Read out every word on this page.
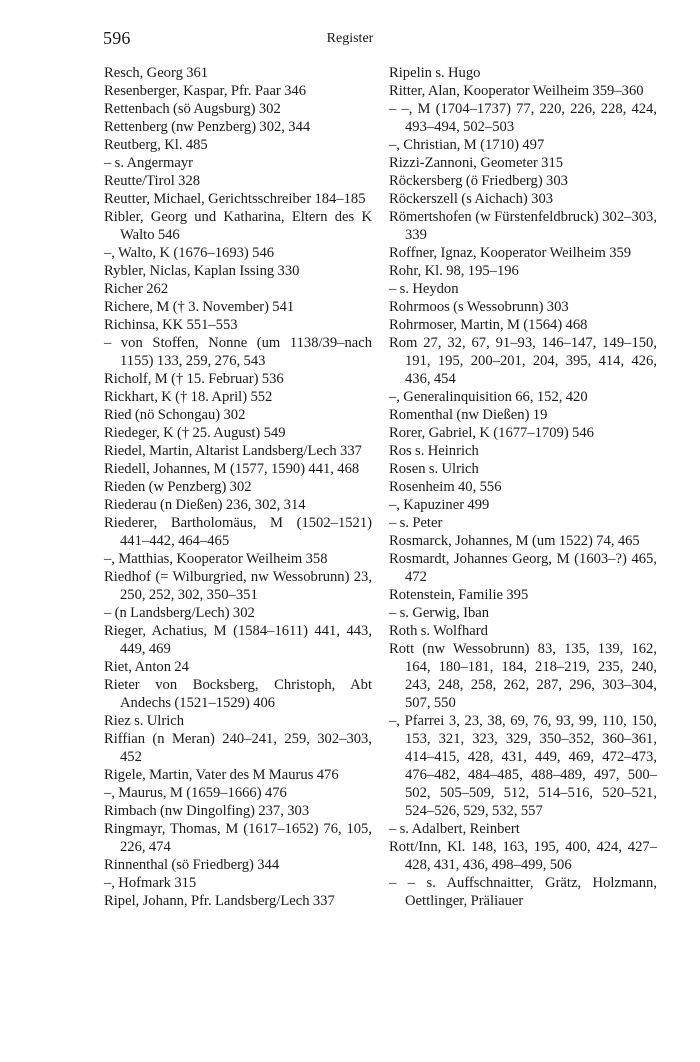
596	Register
Resch, Georg 361
Resenberger, Kaspar, Pfr. Paar 346
Rettenbach (sö Augsburg) 302
Rettenberg (nw Penzberg) 302, 344
Reutberg, Kl. 485
– s. Angermayr
Reutte/Tirol 328
Reutter, Michael, Gerichtsschreiber 184–185
Ribler, Georg und Katharina, Eltern des K Walto 546
–, Walto, K (1676–1693) 546
Rybler, Niclas, Kaplan Issing 330
Richer 262
Richere, M († 3. November) 541
Richinsa, KK 551–553
– von Stoffen, Nonne (um 1138/39–nach 1155) 133, 259, 276, 543
Richolf, M († 15. Februar) 536
Rickhart, K († 18. April) 552
Ried (nö Schongau) 302
Riedeger, K († 25. August) 549
Riedel, Martin, Altarist Landsberg/Lech 337
Riedell, Johannes, M (1577, 1590) 441, 468
Rieden (w Penzberg) 302
Riederau (n Dießen) 236, 302, 314
Riederer, Bartholomäus, M (1502–1521) 441–442, 464–465
–, Matthias, Kooperator Weilheim 358
Riedhof (= Wilburgried, nw Wessobrunn) 23, 250, 252, 302, 350–351
– (n Landsberg/Lech) 302
Rieger, Achatius, M (1584–1611) 441, 443, 449, 469
Riet, Anton 24
Rieter von Bocksberg, Christoph, Abt Andechs (1521–1529) 406
Riez s. Ulrich
Riffian (n Meran) 240–241, 259, 302–303, 452
Rigele, Martin, Vater des M Maurus 476
–, Maurus, M (1659–1666) 476
Rimbach (nw Dingolfing) 237, 303
Ringmayr, Thomas, M (1617–1652) 76, 105, 226, 474
Rinnenthal (sö Friedberg) 344
–, Hofmark 315
Ripel, Johann, Pfr. Landsberg/Lech 337
Ripelin s. Hugo
Ritter, Alan, Kooperator Weilheim 359–360
– –, M (1704–1737) 77, 220, 226, 228, 424, 493–494, 502–503
–, Christian, M (1710) 497
Rizzi-Zannoni, Geometer 315
Röckersberg (ö Friedberg) 303
Röckerszell (s Aichach) 303
Römertshofen (w Fürstenfeldbruck) 302–303, 339
Roffner, Ignaz, Kooperator Weilheim 359
Rohr, Kl. 98, 195–196
– s. Heydon
Rohrmoos (s Wessobrunn) 303
Rohrmoser, Martin, M (1564) 468
Rom 27, 32, 67, 91–93, 146–147, 149–150, 191, 195, 200–201, 204, 395, 414, 426, 436, 454
–, Generalinquisition 66, 152, 420
Romenthal (nw Dießen) 19
Rorer, Gabriel, K (1677–1709) 546
Ros s. Heinrich
Rosen s. Ulrich
Rosenheim 40, 556
–, Kapuziner 499
– s. Peter
Rosmarck, Johannes, M (um 1522) 74, 465
Rosmardt, Johannes Georg, M (1603–?) 465, 472
Rotenstein, Familie 395
– s. Gerwig, Iban
Roth s. Wolfhard
Rott (nw Wessobrunn) 83, 135, 139, 162, 164, 180–181, 184, 218–219, 235, 240, 243, 248, 258, 262, 287, 296, 303–304, 507, 550
–, Pfarrei 3, 23, 38, 69, 76, 93, 99, 110, 150, 153, 321, 323, 329, 350–352, 360–361, 414–415, 428, 431, 449, 469, 472–473, 476–482, 484–485, 488–489, 497, 500–502, 505–509, 512, 514–516, 520–521, 524–526, 529, 532, 557
– s. Adalbert, Reinbert
Rott/Inn, Kl. 148, 163, 195, 400, 424, 427–428, 431, 436, 498–499, 506
– – s. Auffschnaitter, Grätz, Holzmann, Oettlinger, Präliauer
